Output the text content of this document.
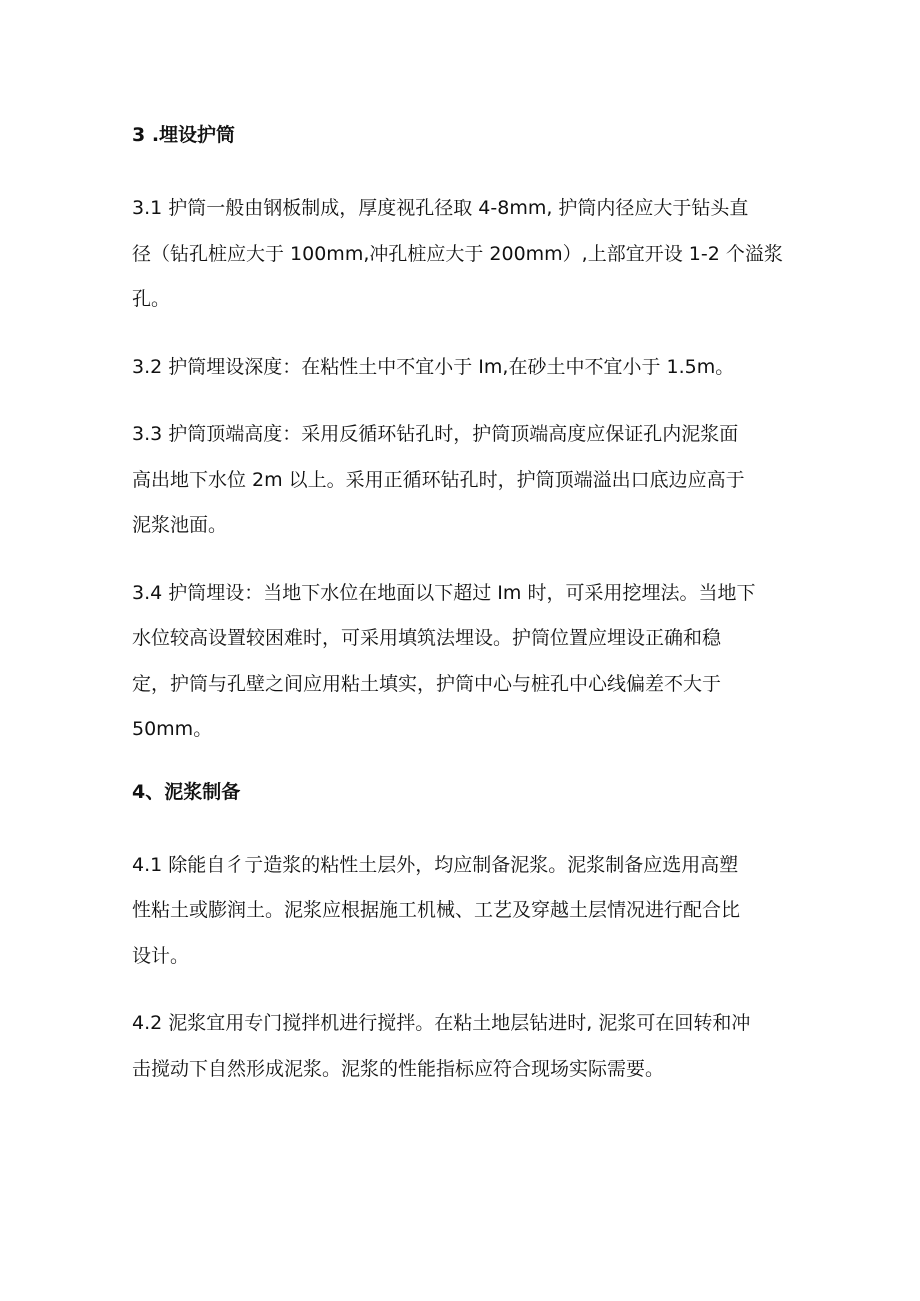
3 .埋设护筒
3.1 护筒一般由钢板制成，厚度视孔径取 4-8mm, 护筒内径应大于钻头直
径（钻孔桩应大于 100mm,冲孔桩应大于 200mm）,上部宜开设 1-2 个溢浆
孔。
3.2 护筒埋设深度：在粘性土中不宜小于 Im,在砂土中不宜小于 1.5m。
3.3 护筒顶端高度：采用反循环钻孔时，护筒顶端高度应保证孔内泥浆面
高出地下水位 2m 以上。采用正循环钻孔时，护筒顶端溢出口底边应高于
泥浆池面。
3.4 护筒埋设：当地下水位在地面以下超过 Im 时，可采用挖埋法。当地下
水位较高设置较困难时，可采用填筑法埋设。护筒位置应埋设正确和稳
定，护筒与孔壁之间应用粘土填实，护筒中心与桩孔中心线偏差不大于
50mm。
4、泥浆制备
4.1 除能自彳亍造浆的粘性土层外，均应制备泥浆。泥浆制备应选用高塑
性粘土或膨润土。泥浆应根据施工机械、工艺及穿越土层情况进行配合比
设计。
4.2 泥浆宜用专门搅拌机进行搅拌。在粘土地层钻进时, 泥浆可在回转和冲
击搅动下自然形成泥浆。泥浆的性能指标应符合现场实际需要。
